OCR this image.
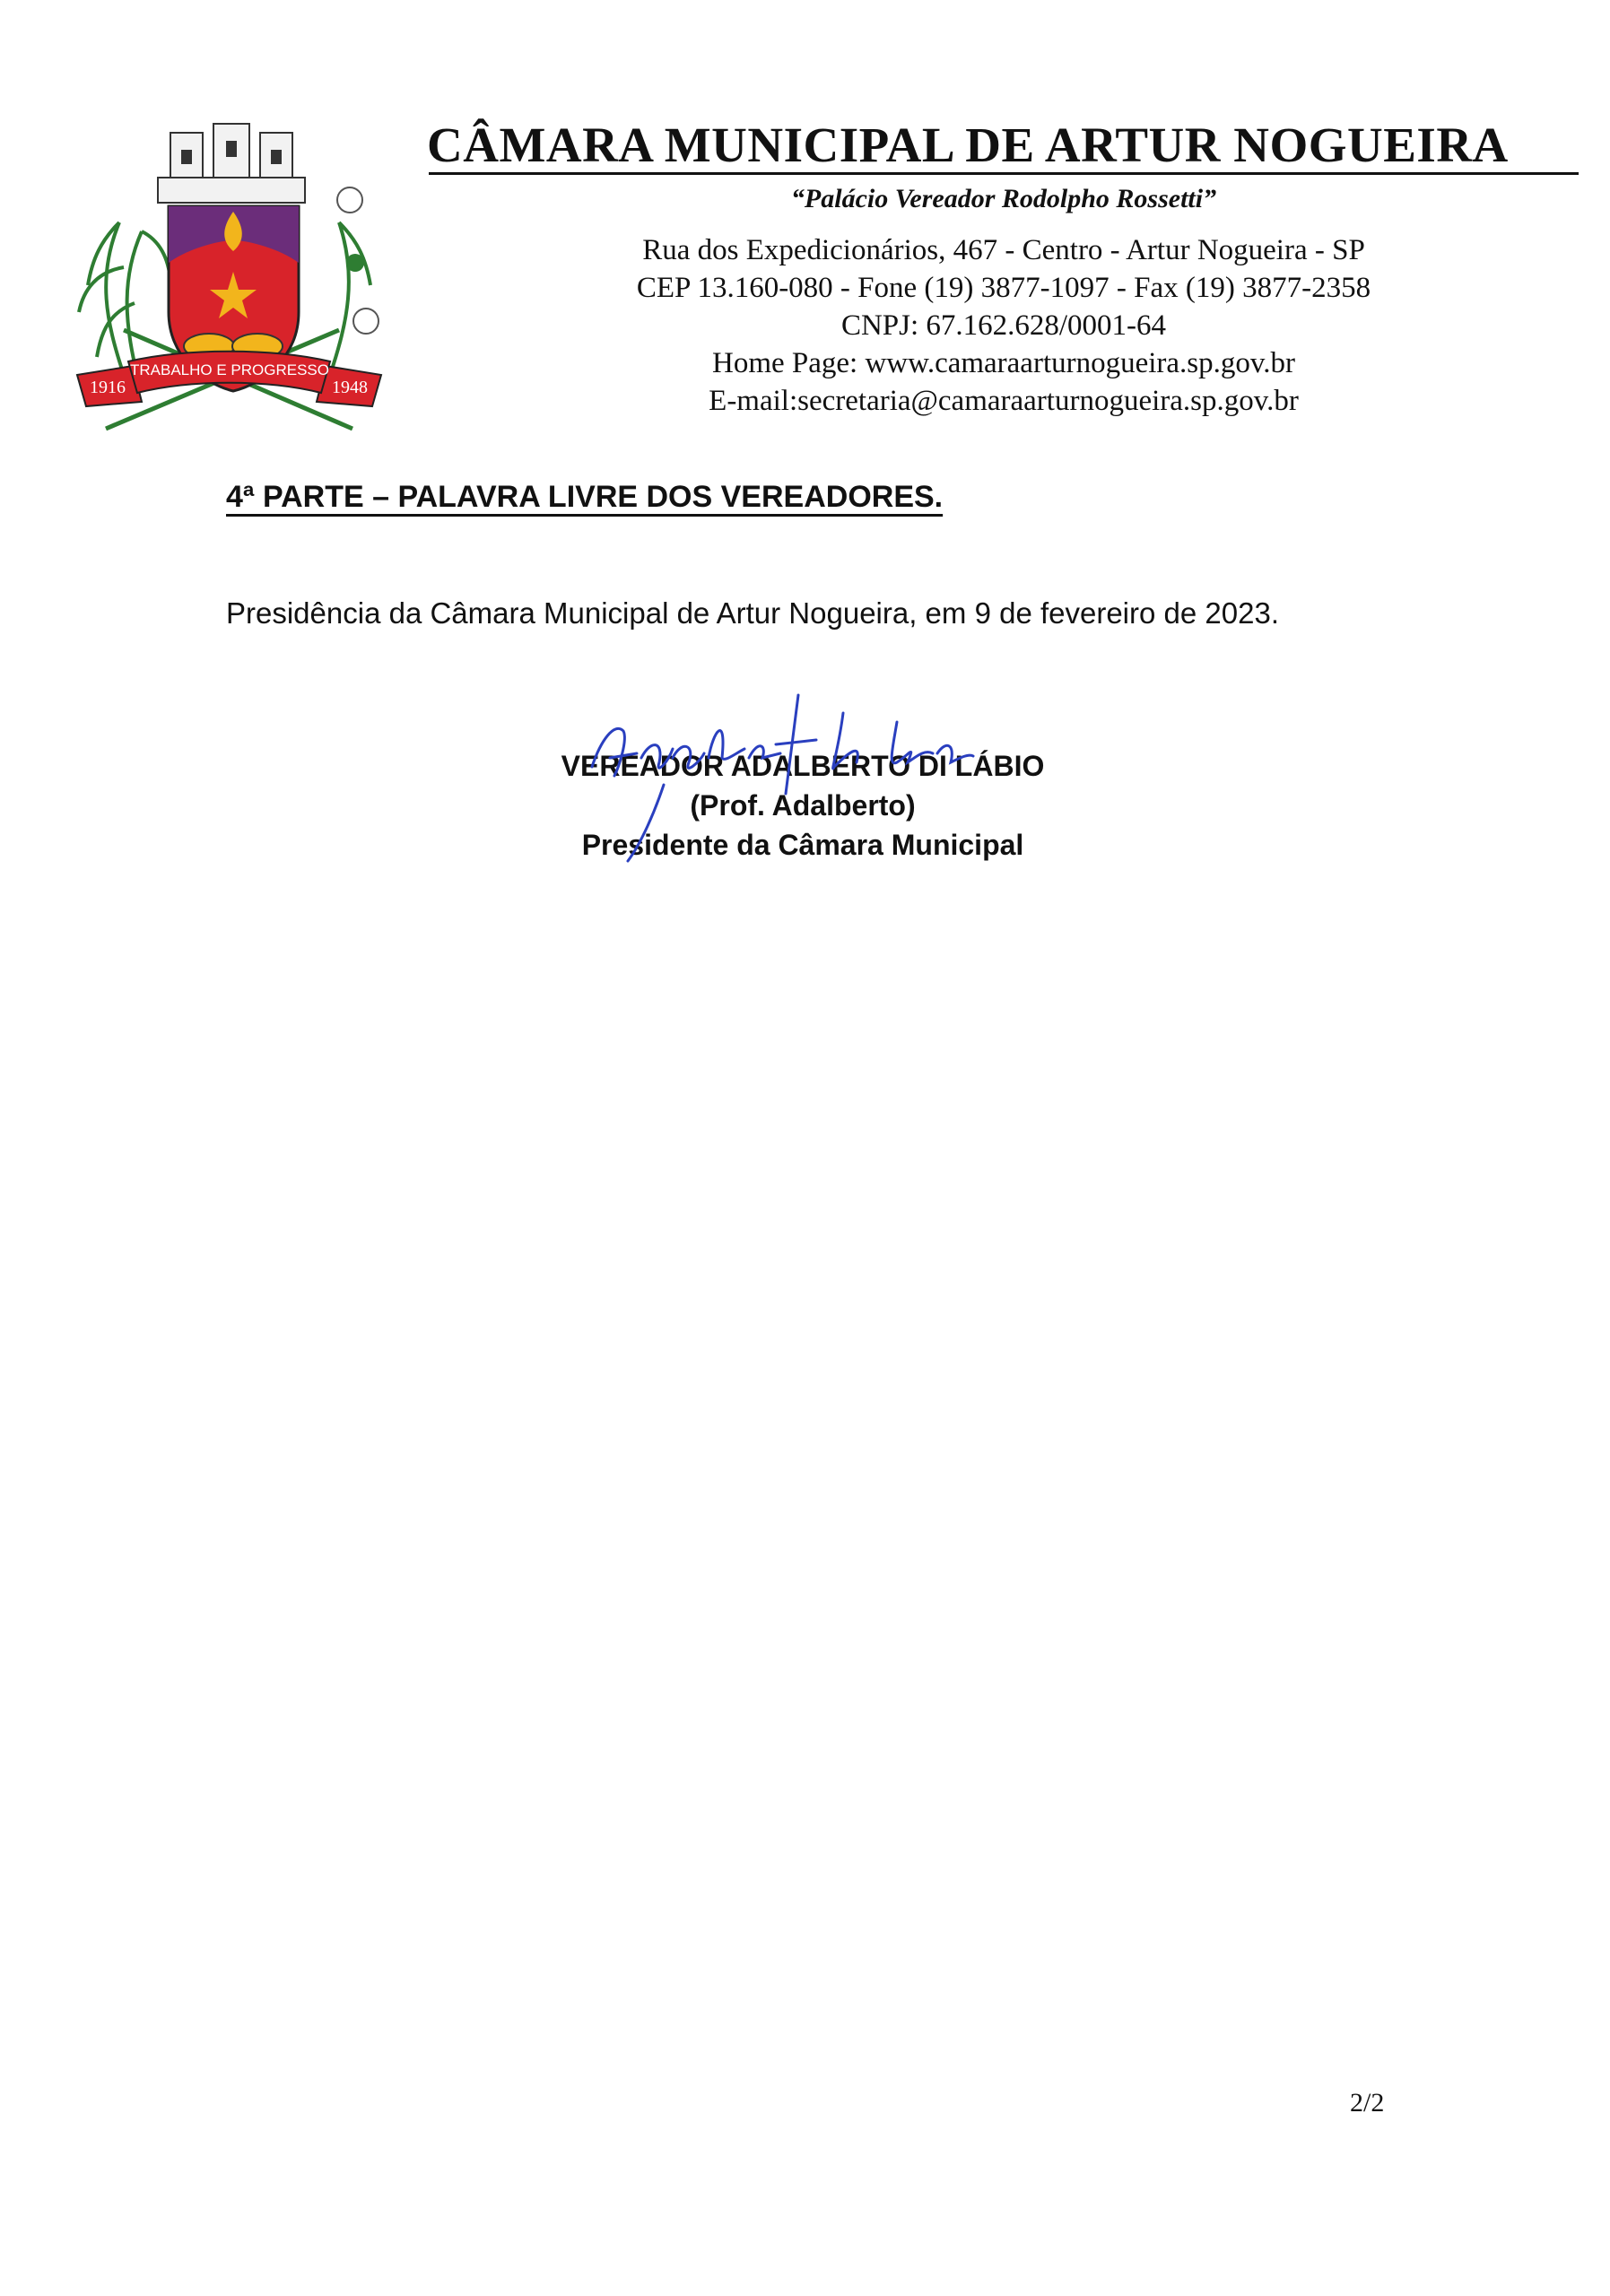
1916	1948
TRABALHO E PROGRESSO
CÂMARA MUNICIPAL DE ARTUR NOGUEIRA
“Palácio Vereador Rodolpho Rossetti”
Rua dos Expedicionários, 467 - Centro - Artur Nogueira - SP
CEP 13.160-080 - Fone (19) 3877-1097 - Fax (19) 3877-2358
CNPJ: 67.162.628/0001-64
Home Page: www.camaraarturnogueira.sp.gov.br
E-mail:secretaria@camaraarturnogueira.sp.gov.br
4ª PARTE – PALAVRA LIVRE DOS VEREADORES.
Presidência da Câmara Municipal de Artur Nogueira, em 9 de fevereiro de 2023.
VEREADOR ADALBERTO DI LÁBIO
(Prof. Adalberto)
Presidente da Câmara Municipal
2/2
